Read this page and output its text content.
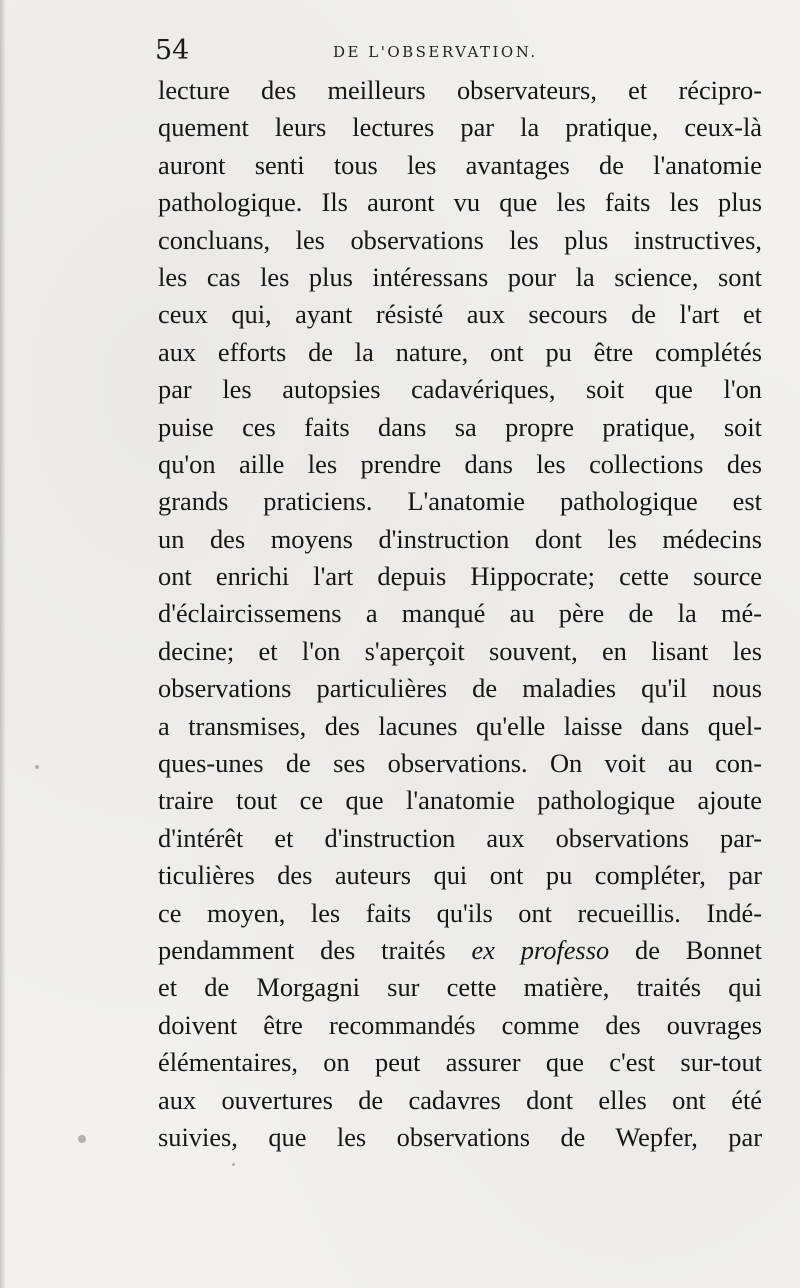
54	DE L'OBSERVATION.
lecture des meilleurs observateurs, et récipro-
quement leurs lectures par la pratique, ceux-là
auront senti tous les avantages de l'anatomie
pathologique. Ils auront vu que les faits les plus
concluans, les observations les plus instructives,
les cas les plus intéressans pour la science, sont
ceux qui, ayant résisté aux secours de l'art et
aux efforts de la nature, ont pu être complétés
par les autopsies cadavériques, soit que l'on
puise ces faits dans sa propre pratique, soit
qu'on aille les prendre dans les collections des
grands praticiens. L'anatomie pathologique est
un des moyens d'instruction dont les médecins
ont enrichi l'art depuis Hippocrate; cette source
d'éclaircissemens a manqué au père de la mé-
decine; et l'on s'aperçoit souvent, en lisant les
observations particulières de maladies qu'il nous
a transmises, des lacunes qu'elle laisse dans quel-
ques-unes de ses observations. On voit au con-
traire tout ce que l'anatomie pathologique ajoute
d'intérêt et d'instruction aux observations par-
ticulières des auteurs qui ont pu compléter, par
ce moyen, les faits qu'ils ont recueillis. Indé-
pendamment des traités ex professo de Bonnet
et de Morgagni sur cette matière, traités qui
doivent être recommandés comme des ouvrages
élémentaires, on peut assurer que c'est sur-tout
aux ouvertures de cadavres dont elles ont été
suivies, que les observations de Wepfer, par
